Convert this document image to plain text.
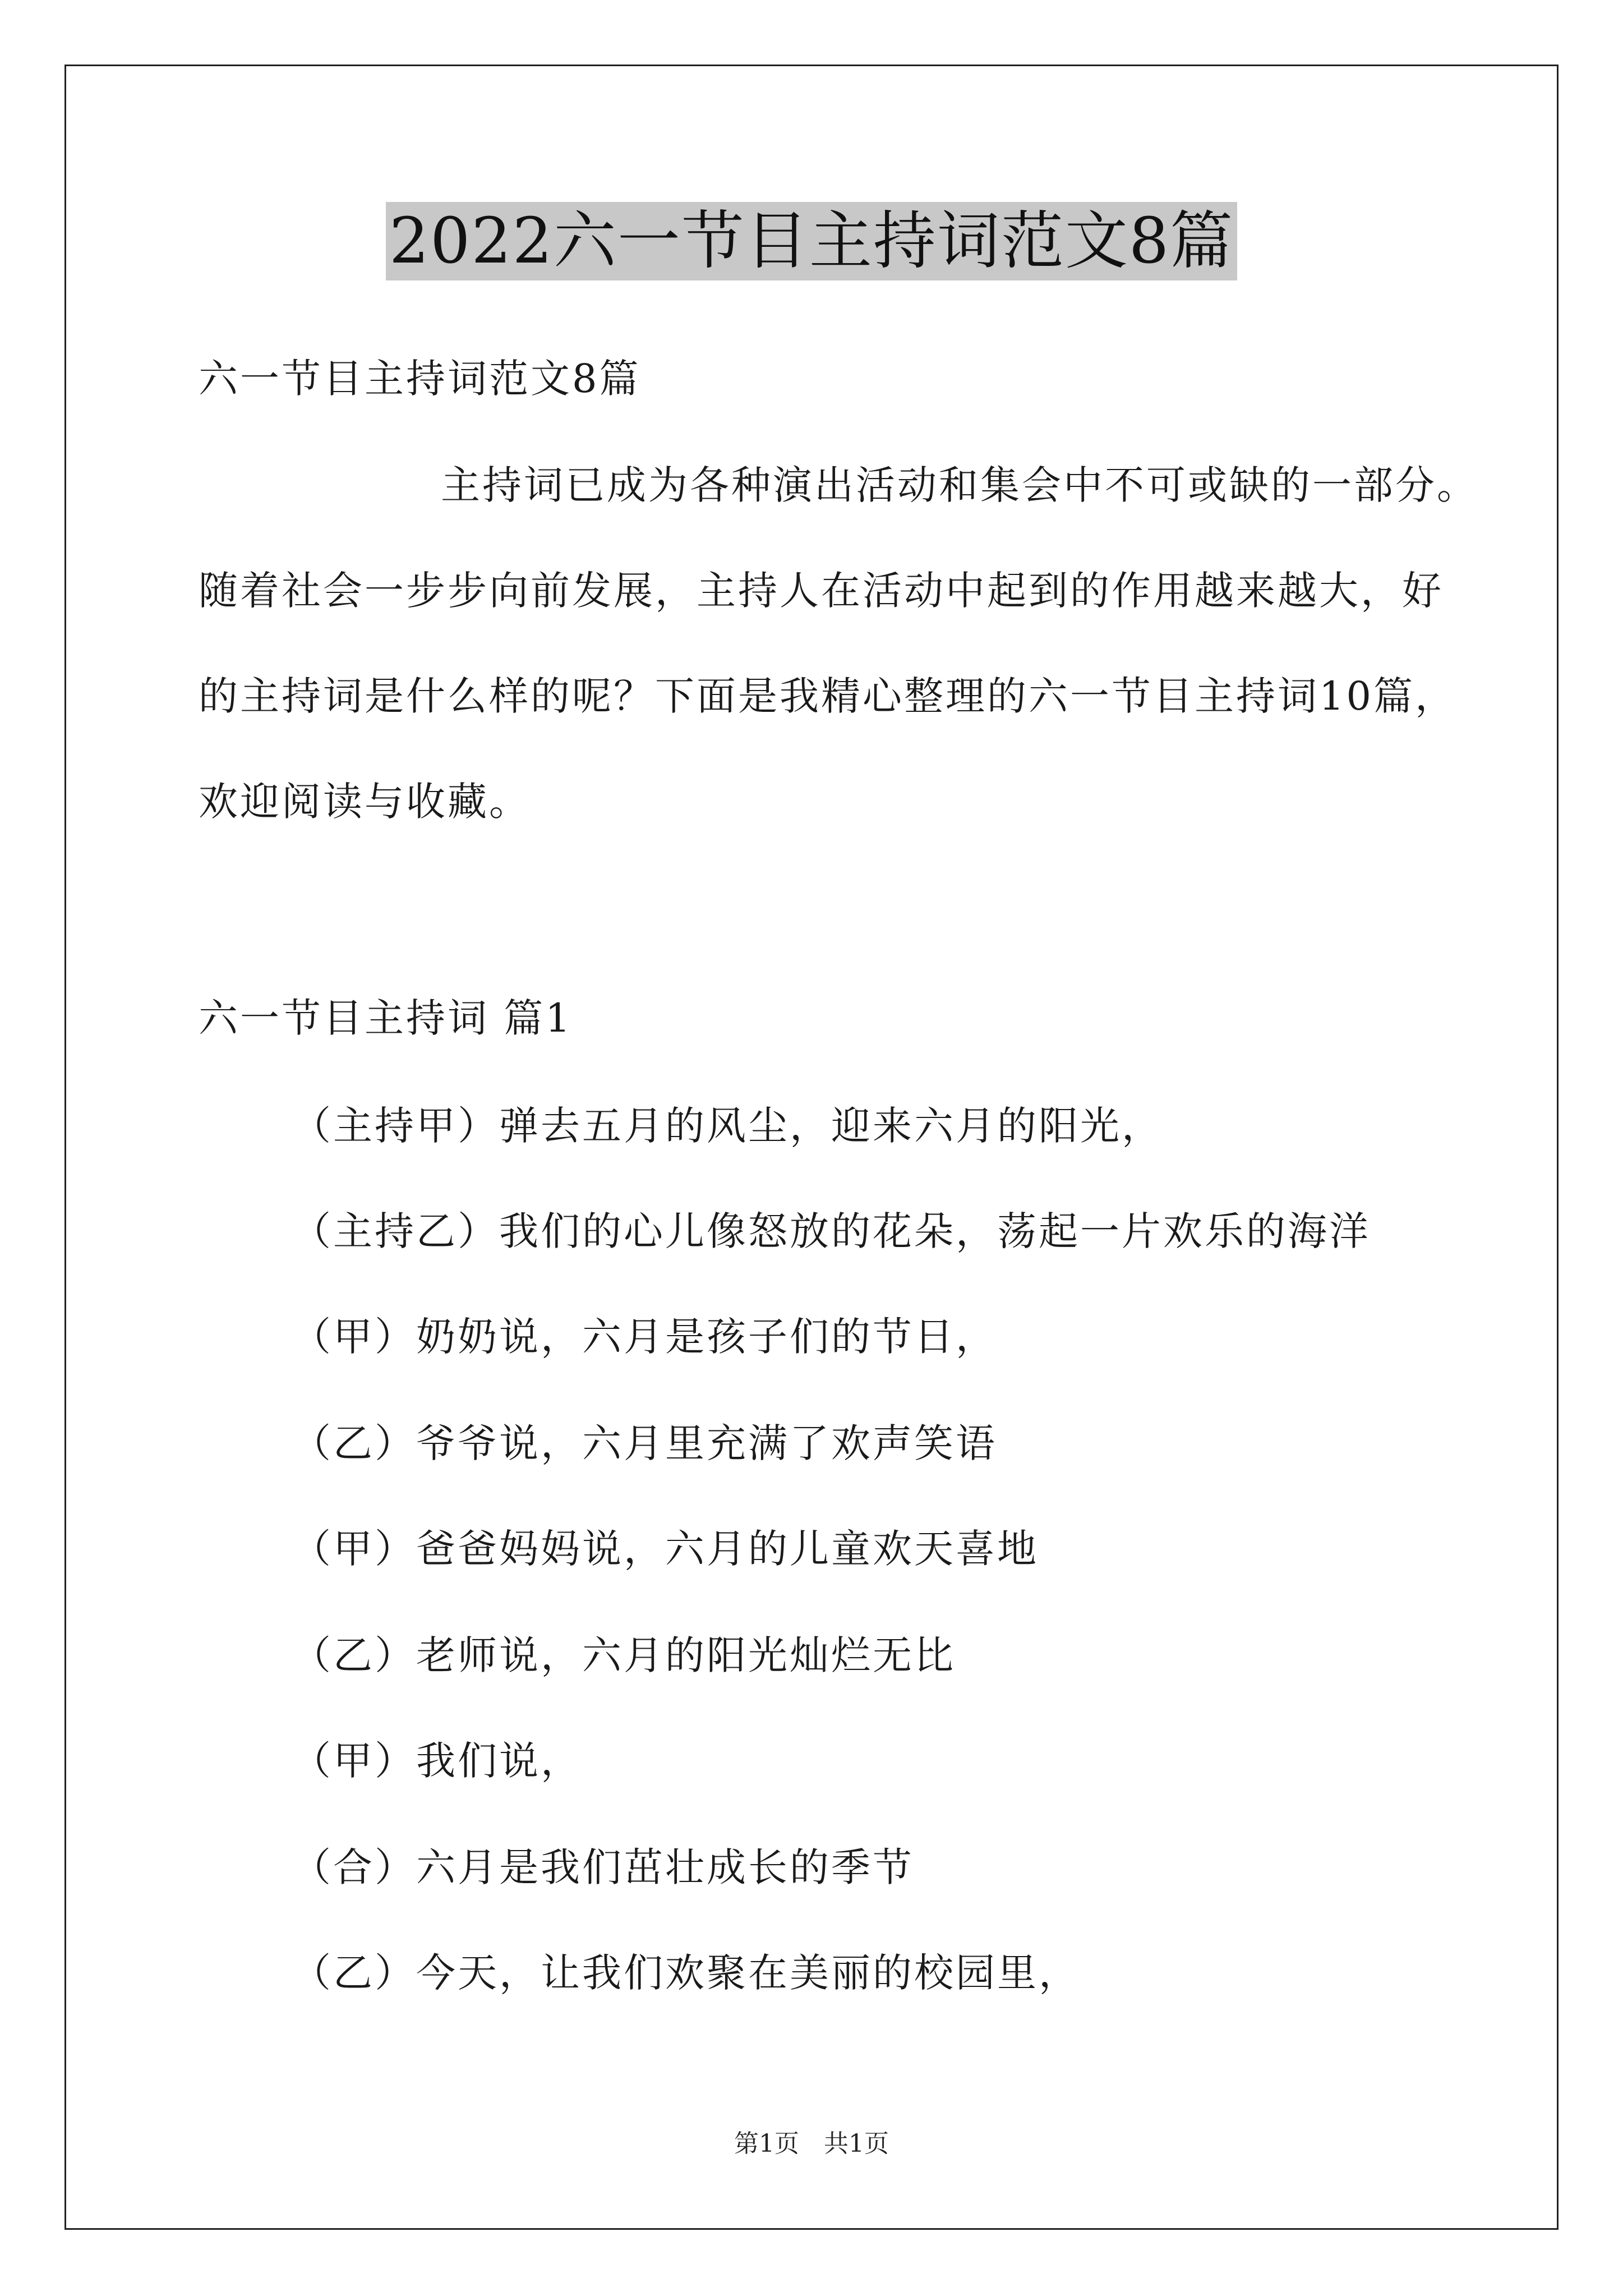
2022六一节目主持词范文8篇
六一节目主持词范文8篇
主持词已成为各种演出活动和集会中不可或缺的一部分。
随着社会一步步向前发展，主持人在活动中起到的作用越来越大，好
的主持词是什么样的呢？下面是我精心整理的六一节目主持词10篇，
欢迎阅读与收藏。
六一节目主持词 篇1
（主持甲）弹去五月的风尘，迎来六月的阳光，
（主持乙）我们的心儿像怒放的花朵，荡起一片欢乐的海洋
（甲）奶奶说，六月是孩子们的节日，
（乙）爷爷说，六月里充满了欢声笑语
（甲）爸爸妈妈说，六月的儿童欢天喜地
（乙）老师说，六月的阳光灿烂无比
（甲）我们说，
（合）六月是我们茁壮成长的季节
（乙）今天，让我们欢聚在美丽的校园里，
第1页　共1页
